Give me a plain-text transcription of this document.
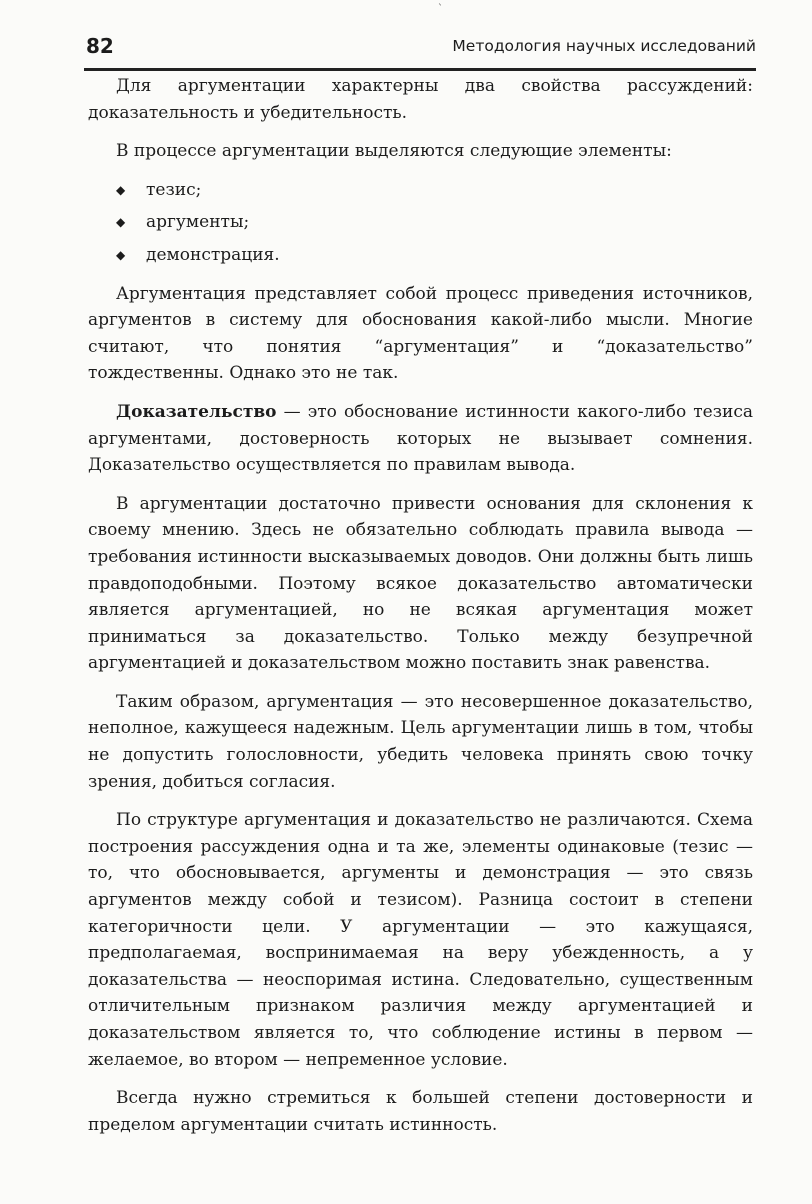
82	Методология научных исследований

Для аргументации характерны два свойства рассуждений: доказательность и убедительность.

В процессе аргументации выделяются следующие элементы:

◆ тезис;
◆ аргументы;
◆ демонстрация.

Аргументация представляет собой процесс приведения источников, аргументов в систему для обоснования какой-либо мысли. Многие считают, что понятия “аргументация” и “доказательство” тождественны. Однако это не так.

Доказательство — это обоснование истинности какого-либо тезиса аргументами, достоверность которых не вызывает сомнения. Доказательство осуществляется по правилам вывода.

В аргументации достаточно привести основания для склонения к своему мнению. Здесь не обязательно соблюдать правила вывода — требования истинности высказываемых доводов. Они должны быть лишь правдоподобными. Поэтому всякое доказательство автоматически является аргументацией, но не всякая аргументация может приниматься за доказательство. Только между безупречной аргументацией и доказательством можно поставить знак равенства.

Таким образом, аргументация — это несовершенное доказательство, неполное, кажущееся надежным. Цель аргументации лишь в том, чтобы не допустить голословности, убедить человека принять свою точку зрения, добиться согласия.

По структуре аргументация и доказательство не различаются. Схема построения рассуждения одна и та же, элементы одинаковые (тезис — то, что обосновывается, аргументы и демонстрация — это связь аргументов между собой и тезисом). Разница состоит в степени категоричности цели. У аргументации — это кажущаяся, предполагаемая, воспринимаемая на веру убежденность, а у доказательства — неоспоримая истина. Следовательно, существенным отличительным признаком различия между аргументацией и доказательством является то, что соблюдение истины в первом — желаемое, во втором — непременное условие.

Всегда нужно стремиться к большей степени достоверности и пределом аргументации считать истинность.

ˋ
